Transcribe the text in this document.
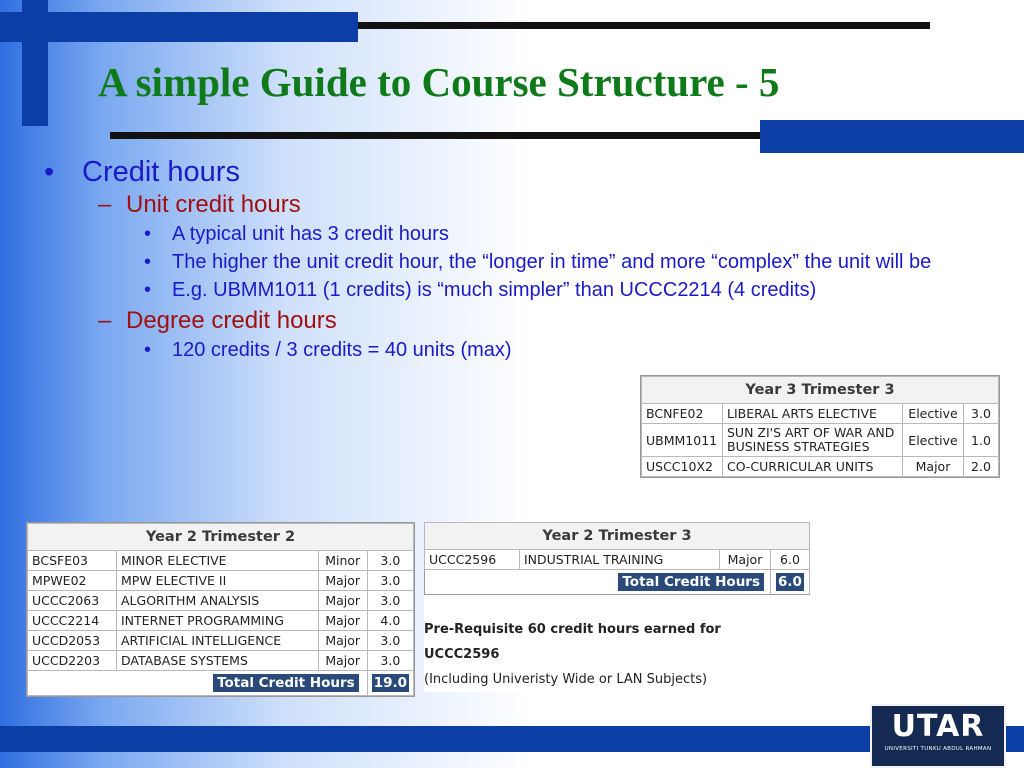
A simple Guide to Course Structure - 5
• Credit hours
– Unit credit hours
• A typical unit has 3 credit hours
• The higher the unit credit hour, the “longer in time” and more “complex” the unit will be
• E.g. UBMM1011 (1 credits) is “much simpler” than UCCC2214 (4 credits)
– Degree credit hours
• 120 credits / 3 credits = 40 units (max)
Year 3 Trimester 3			
BCNFE02	LIBERAL ARTS ELECTIVE	Elective	3.0
UBMM1011	SUN ZI'S ART OF WAR AND BUSINESS STRATEGIES	Elective	1.0
USCC10X2	CO-CURRICULAR UNITS	Major	2.0
Year 2 Trimester 2			
BCSFE03	MINOR ELECTIVE	Minor	3.0
MPWE02	MPW ELECTIVE II	Major	3.0
UCCC2063	ALGORITHM ANALYSIS	Major	3.0
UCCC2214	INTERNET PROGRAMMING	Major	4.0
UCCD2053	ARTIFICIAL INTELLIGENCE	Major	3.0
UCCD2203	DATABASE SYSTEMS	Major	3.0
Total Credit Hours			19.0
Year 2 Trimester 3			
UCCC2596	INDUSTRIAL TRAINING	Major	6.0
Total Credit Hours			6.0
Pre-Requisite 60 credit hours earned for
UCCC2596
(Including Univeristy Wide or LAN Subjects)
UTAR
UNIVERSITI TUNKU ABDUL RAHMAN
